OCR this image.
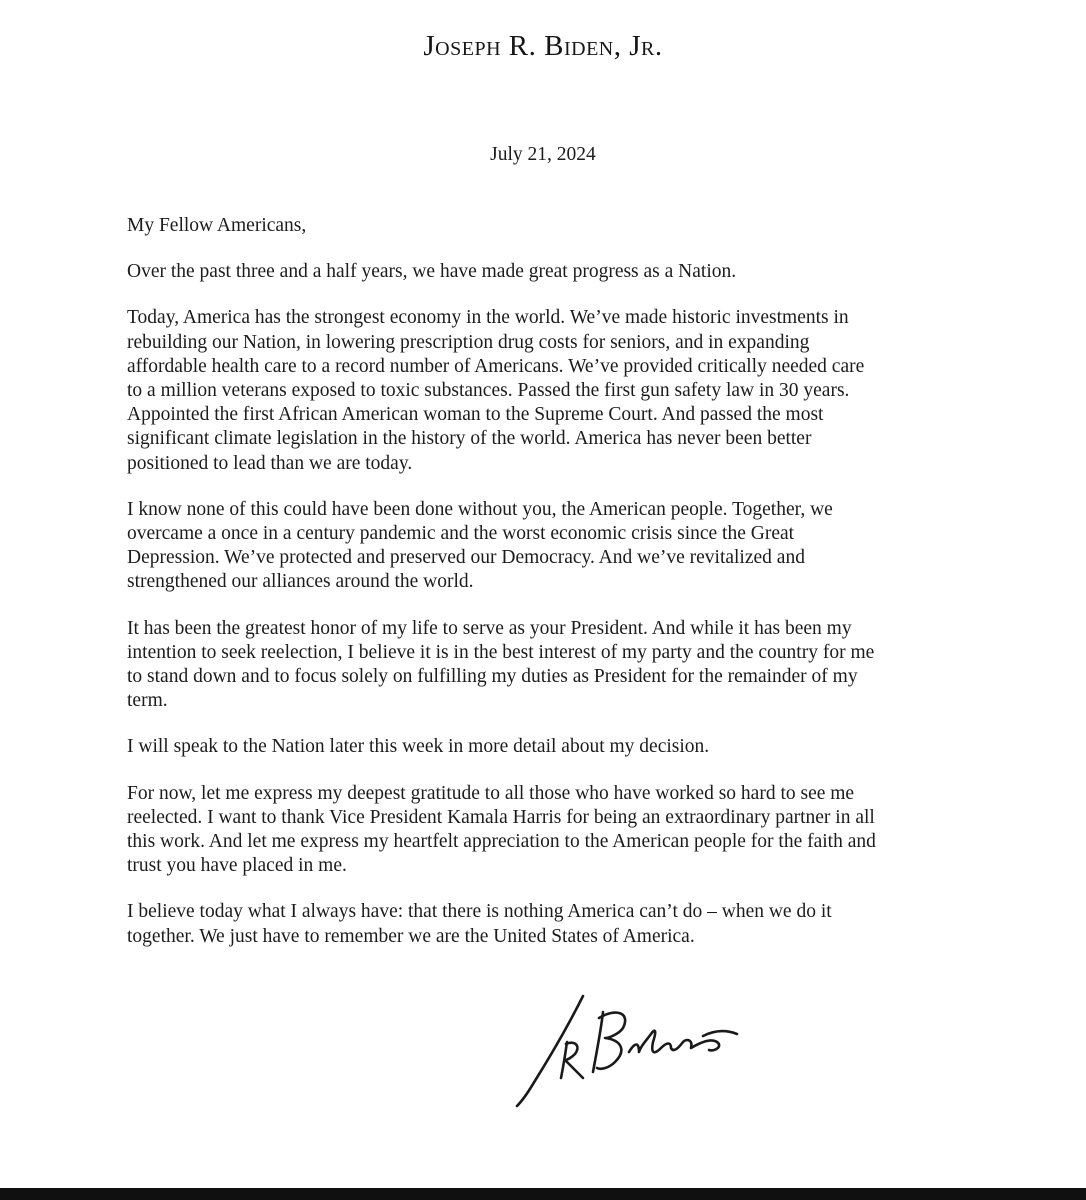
Joseph R. Biden, Jr.
July 21, 2024

My Fellow Americans,

Over the past three and a half years, we have made great progress as a Nation.

Today, America has the strongest economy in the world. We’ve made historic investments in
rebuilding our Nation, in lowering prescription drug costs for seniors, and in expanding
affordable health care to a record number of Americans. We’ve provided critically needed care
to a million veterans exposed to toxic substances. Passed the first gun safety law in 30 years.
Appointed the first African American woman to the Supreme Court. And passed the most
significant climate legislation in the history of the world. America has never been better
positioned to lead than we are today.

I know none of this could have been done without you, the American people. Together, we
overcame a once in a century pandemic and the worst economic crisis since the Great
Depression. We’ve protected and preserved our Democracy. And we’ve revitalized and
strengthened our alliances around the world.

It has been the greatest honor of my life to serve as your President. And while it has been my
intention to seek reelection, I believe it is in the best interest of my party and the country for me
to stand down and to focus solely on fulfilling my duties as President for the remainder of my
term.

I will speak to the Nation later this week in more detail about my decision.

For now, let me express my deepest gratitude to all those who have worked so hard to see me
reelected. I want to thank Vice President Kamala Harris for being an extraordinary partner in all
this work. And let me express my heartfelt appreciation to the American people for the faith and
trust you have placed in me.

I believe today what I always have: that there is nothing America can’t do – when we do it
together. We just have to remember we are the United States of America.
